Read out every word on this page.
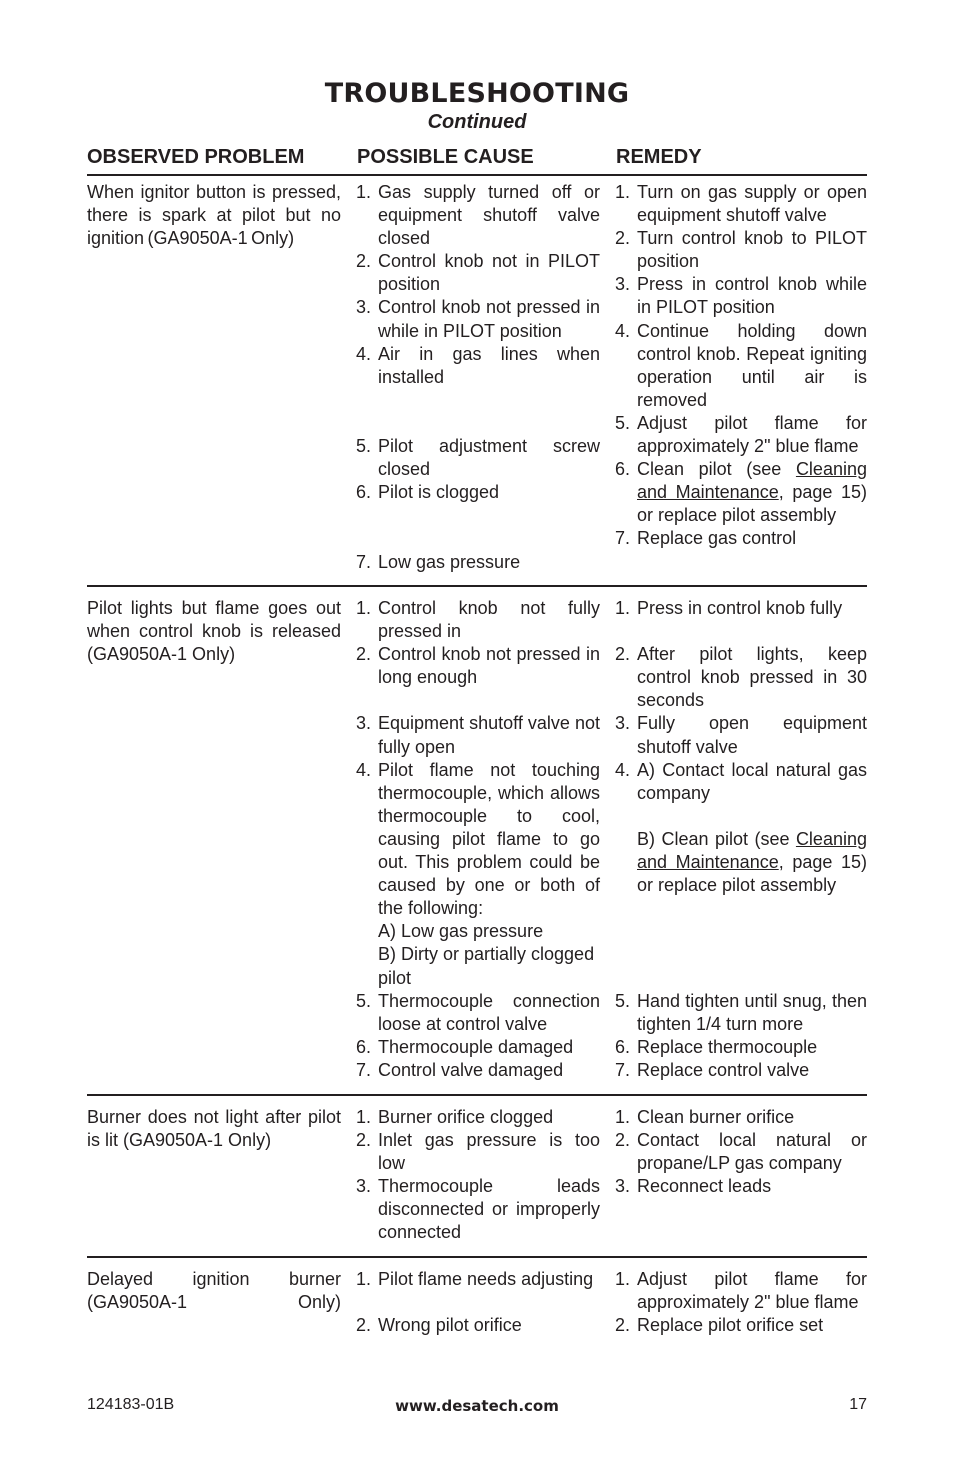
TROUBLESHOOTING
Continued
OBSERVED PROBLEM	POSSIBLE CAUSE	REMEDY
When ignitor button is pressed, there is spark at pilot but no ignition (GA9050A-1 Only)
1. Gas supply turned off or equipment shutoff valve closed
2. Control knob not in PILOT position
3. Control knob not pressed in while in PILOT position
4. Air in gas lines when installed
5. Pilot adjustment screw closed
6. Pilot is clogged
7. Low gas pressure
1. Turn on gas supply or open equipment shutoff valve
2. Turn control knob to PILOT position
3. Press in control knob while in PILOT position
4. Continue holding down control knob. Repeat igniting operation until air is removed
5. Adjust pilot flame for approximately 2" blue flame
6. Clean pilot (see Cleaning and Maintenance, page 15) or replace pilot assembly
7. Replace gas control
Pilot lights but flame goes out when control knob is released (GA9050A-1 Only)
1. Control knob not fully pressed in
2. Control knob not pressed in long enough
3. Equipment shutoff valve not fully open
4. Pilot flame not touching thermocouple, which allows thermocouple to cool, causing pilot flame to go out. This problem could be caused by one or both of the following:
A) Low gas pressure
B) Dirty or partially clogged pilot
5. Thermocouple connection loose at control valve
6. Thermocouple damaged
7. Control valve damaged
1. Press in control knob fully
2. After pilot lights, keep control knob pressed in 30 seconds
3. Fully open equipment shutoff valve
4. A) Contact local natural gas company
B) Clean pilot (see Cleaning and Maintenance, page 15) or replace pilot assembly
5. Hand tighten until snug, then tighten 1/4 turn more
6. Replace thermocouple
7. Replace control valve
Burner does not light after pilot is lit (GA9050A-1 Only)
1. Burner orifice clogged
2. Inlet gas pressure is too low
3. Thermocouple leads disconnected or improperly connected
1. Clean burner orifice
2. Contact local natural or propane/LP gas company
3. Reconnect leads
Delayed ignition burner (GA9050A-1 Only)
1. Pilot flame needs adjusting
2. Wrong pilot orifice
1. Adjust pilot flame for approximately 2" blue flame
2. Replace pilot orifice set
124183-01B	www.desatech.com	17
